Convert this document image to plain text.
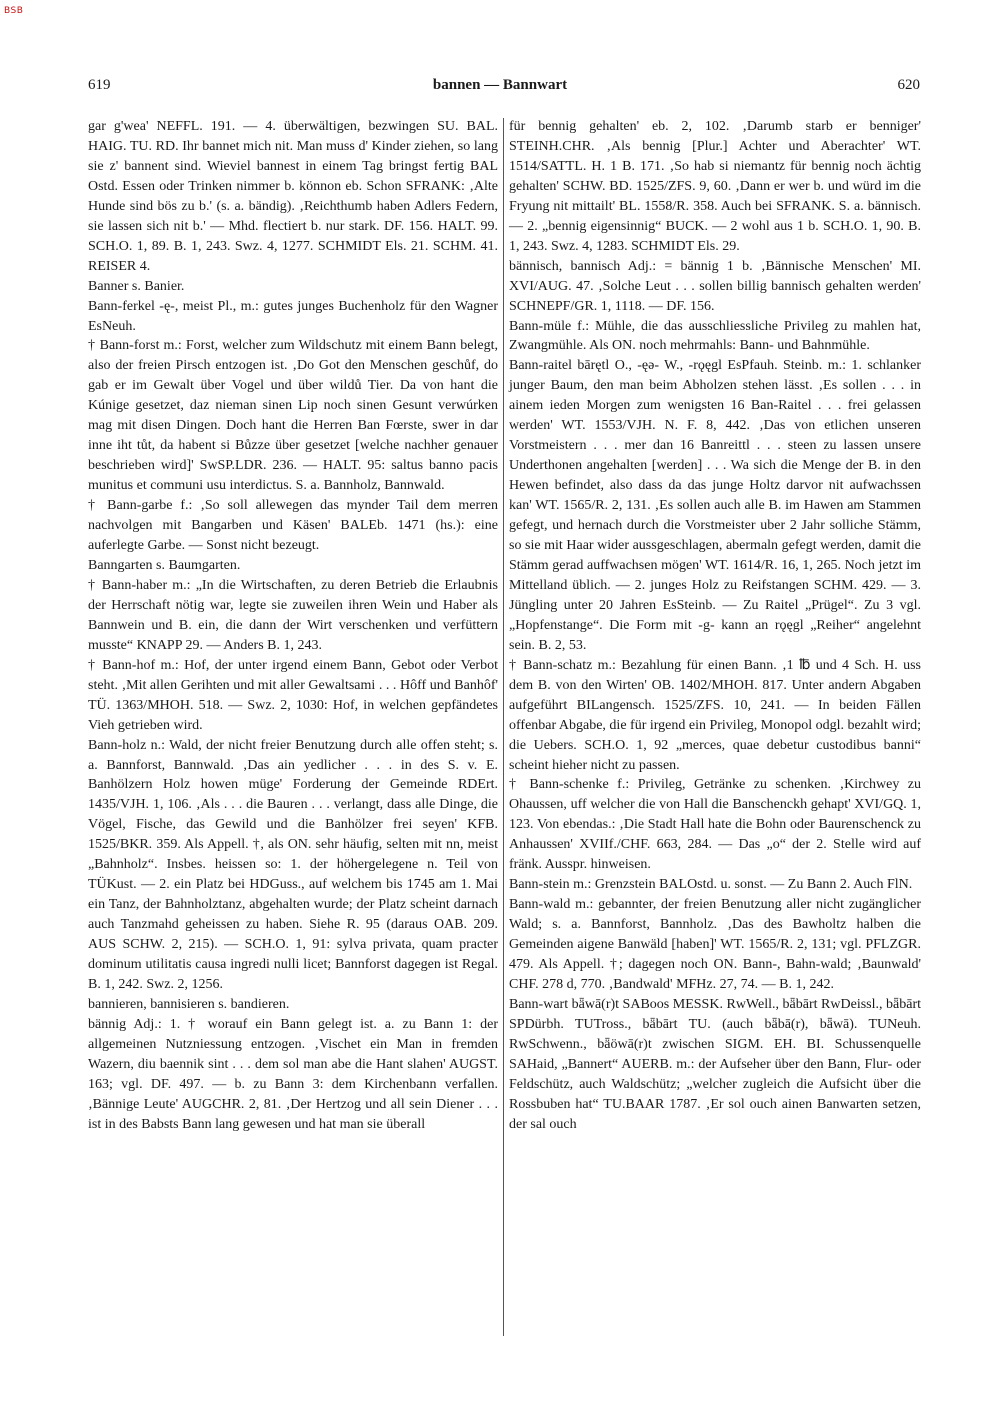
BSB
619	bannen — Bannwart	620

gar g'wea' NEFFL. 191. — 4. überwältigen, bezwingen SU. BAL. HAIG. TU. RD. Ihr bannet mich nit. Man muss d' Kinder ziehen, so lang sie z' bannent sind. Wieviel bannest in einem Tag bringst fertig BAL Ostd. Essen oder Trinken nimmer b. könnon eb. Schon SFRANK: ‚Alte Hunde sind bös zu b.' (s. a. bändig). ‚Reichthumb haben Adlers Federn, sie lassen sich nit b.' — Mhd. flectiert b. nur stark. DF. 156. HALT. 99. SCH.O. 1, 89. B. 1, 243. Swz. 4, 1277. SCHMIDT Els. 21. SCHM. 41. REISER 4.

Banner s. Banier.

Bann-ferkel -ę-, meist Pl., m.: gutes junges Buchenholz für den Wagner EsNeuh.

† Bann-forst m.: Forst, welcher zum Wildschutz mit einem Bann belegt, also der freien Pirsch entzogen ist. ‚Do Got den Menschen geschůf, do gab er im Gewalt über Vogel und über wildů Tier. Da von hant die Kúnige gesetzet, daz nieman sinen Lip noch sinen Gesunt verwúrken mag mit disen Dingen. Doch hant die Herren Ban Fœrste, swer in dar inne iht tůt, da habent si Bůzze über gesetzet [welche nachher genauer beschrieben wird]' SwSP.LDR. 236. — HALT. 95: saltus banno pacis munitus et communi usu interdictus. S. a. Bannholz, Bannwald.

† Bann-garbe f.: ‚So soll allewegen das mynder Tail dem merren nachvolgen mit Bangarben und Käsen' BALEb. 1471 (hs.): eine auferlegte Garbe. — Sonst nicht bezeugt.

Banngarten s. Baumgarten.

† Bann-haber m.: „In die Wirtschaften, zu deren Betrieb die Erlaubnis der Herrschaft nötig war, legte sie zuweilen ihren Wein und Haber als Bannwein und B. ein, die dann der Wirt verschenken und verfüttern musste“ KNAPP 29. — Anders B. 1, 243.

† Bann-hof m.: Hof, der unter irgend einem Bann, Gebot oder Verbot steht. ‚Mit allen Gerihten und mit aller Gewaltsami . . . Hôff und Banhôf' TÜ. 1363/MHOH. 518. — Swz. 2, 1030: Hof, in welchen gepfändetes Vieh getrieben wird.

Bann-holz n.: Wald, der nicht freier Benutzung durch alle offen steht; s. a. Bannforst, Bannwald. ‚Das ain yedlicher . . . in des S. v. E. Banhölzern Holz howen müge' Forderung der Gemeinde RDErt. 1435/VJH. 1, 106. ‚Als . . . die Bauren . . . verlangt, dass alle Dinge, die Vögel, Fische, das Gewild und die Banhölzer frei seyen' KFB. 1525/BKR. 359. Als Appell. †, als ON. sehr häufig, selten mit nn, meist „Bahnholz“. Insbes. heissen so: 1. der höhergelegene n. Teil von TÜKust. — 2. ein Platz bei HDGuss., auf welchem bis 1745 am 1. Mai ein Tanz, der Bahnholztanz, abgehalten wurde; der Platz scheint darnach auch Tanzmahd geheissen zu haben. Siehe R. 95 (daraus OAB. 209. AUS SCHW. 2, 215). — SCH.O. 1, 91: sylva privata, quam practer dominum utilitatis causa ingredi nulli licet; Bannforst dagegen ist Regal. B. 1, 242. Swz. 2, 1256.

bannieren, bannisieren s. bandieren.

bännig Adj.: 1. † worauf ein Bann gelegt ist. a. zu Bann 1: der allgemeinen Nutzniessung entzogen. ‚Vischet ein Man in fremden Wazern, diu baennik sint . . . dem sol man abe die Hant slahen' AUGST. 163; vgl. DF. 497. — b. zu Bann 3: dem Kirchenbann verfallen. ‚Bännige Leute' AUGCHR. 2, 81. ‚Der Hertzog und all sein Diener . . . ist in des Babsts Bann lang gewesen und hat man sie überall

für bennig gehalten' eb. 2, 102. ‚Darumb starb er benniger' STEINH.CHR. ‚Als bennig [Plur.] Achter und Aberachter' WT. 1514/SATTL. H. 1 B. 171. ‚So hab si niemantz für bennig noch ächtig gehalten' SCHW. BD. 1525/ZFS. 9, 60. ‚Dann er wer b. und würd im die Fryung nit mittailt' BL. 1558/R. 358. Auch bei SFRANK. S. a. bännisch. — 2. „bennig eigensinnig“ BUCK. — 2 wohl aus 1 b. SCH.O. 1, 90. B. 1, 243. Swz. 4, 1283. SCHMIDT Els. 29.

bännisch, bannisch Adj.: = bännig 1 b. ‚Bännische Menschen' MI. XVI/AUG. 47. ‚Solche Leut . . . sollen billig bannisch gehalten werden' SCHNEPF/GR. 1, 1118. — DF. 156.

Bann-müle f.: Mühle, die das ausschliessliche Privileg zu mahlen hat, Zwangmühle. Als ON. noch mehrmahls: Bann- und Bahnmühle.

Bann-raitel bārętl O., -ęə- W., -rǫęgl EsPfauh. Steinb. m.: 1. schlanker junger Baum, den man beim Abholzen stehen lässt. ‚Es sollen . . . in ainem ieden Morgen zum wenigsten 16 Ban-Raitel . . . frei gelassen werden' WT. 1553/VJH. N. F. 8, 442. ‚Das von etlichen unseren Vorstmeistern . . . mer dan 16 Banreittl . . . steen zu lassen unsere Underthonen angehalten [werden] . . . Wa sich die Menge der B. in den Hewen befindet, also dass da das junge Holtz darvor nit aufwachssen kan' WT. 1565/R. 2, 131. ‚Es sollen auch alle B. im Hawen am Stammen gefegt, und hernach durch die Vorstmeister uber 2 Jahr solliche Stämm, so sie mit Haar wider aussgeschlagen, abermaln gefegt werden, damit die Stämm gerad auffwachsen mögen' WT. 1614/R. 16, 1, 265. Noch jetzt im Mittelland üblich. — 2. junges Holz zu Reifstangen SCHM. 429. — 3. Jüngling unter 20 Jahren EsSteinb. — Zu Raitel „Prügel“. Zu 3 vgl. „Hopfenstange“. Die Form mit -g- kann an rǫęgl „Reiher“ angelehnt sein. B. 2, 53.

† Bann-schatz m.: Bezahlung für einen Bann. ‚1 ℔ und 4 Sch. H. uss dem B. von den Wirten' OB. 1402/MHOH. 817. Unter andern Abgaben aufgeführt BILangensch. 1525/ZFS. 10, 241. — In beiden Fällen offenbar Abgabe, die für irgend ein Privileg, Monopol odgl. bezahlt wird; die Uebers. SCH.O. 1, 92 „merces, quae debetur custodibus banni“ scheint hieher nicht zu passen.

† Bann-schenke f.: Privileg, Getränke zu schenken. ‚Kirchwey zu Ohaussen, uff welcher die von Hall die Banschenckh gehapt' XVI/GQ. 1, 123. Von ebendas.: ‚Die Stadt Hall hate die Bohn oder Baurenschenck zu Anhaussen' XVIIf./CHF. 663, 284. — Das „o“ der 2. Stelle wird auf fränk. Ausspr. hinweisen.

Bann-stein m.: Grenzstein BALOstd. u. sonst. — Zu Bann 2. Auch FlN.

Bann-wald m.: gebannter, der freien Benutzung aller nicht zugänglicher Wald; s. a. Bannforst, Bannholz. ‚Das des Bawholtz halben die Gemeinden aigene Banwäld [haben]' WT. 1565/R. 2, 131; vgl. PFLZGR. 479. Als Appell. †; dagegen noch ON. Bann-, Bahn-wald; ‚Baunwald' CHF. 278 d, 770. ‚Bandwald' MFHz. 27, 74. — B. 1, 242.

Bann-wart bǟwā(r)t SABoos MESSK. RwWell., bǟbārt RwDeissl., bǟbārt SPDürbh. TUTross., bǟbārt TU. (auch bǟbā(r), bǟwā). TUNeuh. RwSchwenn., bǟöwā(r)t zwischen SIGM. EH. BI. Schussenquelle SAHaid, „Bannert“ AUERB. m.: der Aufseher über den Bann, Flur- oder Feldschütz, auch Waldschütz; „welcher zugleich die Aufsicht über die Rossbuben hat“ TU.BAAR 1787. ‚Er sol ouch ainen Banwarten setzen, der sal ouch
